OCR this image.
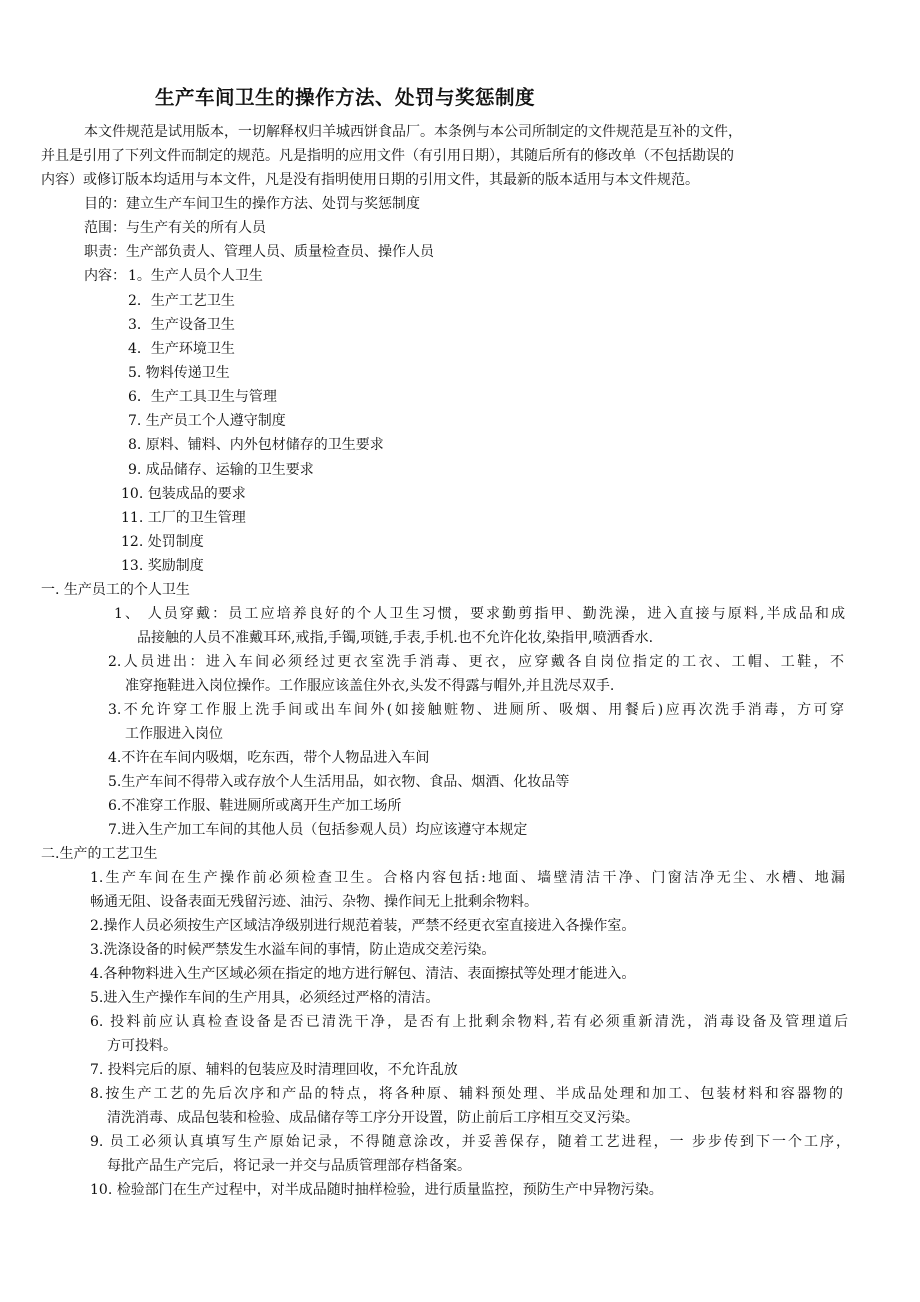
生产车间卫生的操作方法、处罚与奖惩制度
本文件规范是试用版本，一切解释权归羊城西饼食品厂。本条例与本公司所制定的文件规范是互补的文件，
并且是引用了下列文件而制定的规范。凡是指明的应用文件（有引用日期），其随后所有的修改单（不包括勘误的
内容）或修订版本均适用与本文件，凡是没有指明使用日期的引用文件，其最新的版本适用与本文件规范。
目的：建立生产车间卫生的操作方法、处罚与奖惩制度
范围：与生产有关的所有人员
职责：生产部负责人、管理人员、质量检查员、操作人员
内容： 1。生产人员个人卫生
2．生产工艺卫生
3．生产设备卫生
4．生产环境卫生
5. 物料传递卫生
6．生产工具卫生与管理
7. 生产员工个人遵守制度
8. 原料、铺料、内外包材储存的卫生要求
9. 成品储存、运输的卫生要求
10. 包装成品的要求
11. 工厂的卫生管理
12. 处罚制度
13. 奖励制度
一. 生产员工的个人卫生
1、 人员穿戴：员工应培养良好的个人卫生习惯，要求勤剪指甲、勤洗澡，进入直接与原料,半成品和成
品接触的人员不准戴耳环,戒指,手镯,项链,手表,手机.也不允许化妆,染指甲,喷洒香水.
2.人员进出：进入车间必须经过更衣室洗手消毒、更衣，应穿戴各自岗位指定的工衣、工帽、工鞋，不
准穿拖鞋进入岗位操作。工作服应该盖住外衣,头发不得露与帽外,并且洗尽双手.
3.不允许穿工作服上洗手间或出车间外(如接触赃物、进厕所、吸烟、用餐后)应再次洗手消毒，方可穿
工作服进入岗位
4.不许在车间内吸烟，吃东西，带个人物品进入车间
5.生产车间不得带入或存放个人生活用品，如衣物、食品、烟酒、化妆品等
6.不准穿工作服、鞋进厕所或离开生产加工场所
7.进入生产加工车间的其他人员（包括参观人员）均应该遵守本规定
二.生产的工艺卫生
1.生产车间在生产操作前必须检查卫生。合格内容包括:地面、墙壁清洁干净、门窗洁净无尘、水槽、地漏
畅通无阻、设备表面无残留污迹、油污、杂物、操作间无上批剩余物料。
2.操作人员必须按生产区域洁净级别进行规范着装，严禁不经更衣室直接进入各操作室。
3.洗涤设备的时候严禁发生水溢车间的事情，防止造成交差污染。
4.各种物料进入生产区域必须在指定的地方进行解包、清洁、表面擦拭等处理才能进入。
5.进入生产操作车间的生产用具，必须经过严格的清洁。
6. 投料前应认真检查设备是否已清洗干净，是否有上批剩余物料,若有必须重新清洗，消毒设备及管理道后
方可投料。
7. 投料完后的原、辅料的包装应及时清理回收，不允许乱放
8.按生产工艺的先后次序和产品的特点，将各种原、辅料预处理、半成品处理和加工、包装材料和容器物的
清洗消毒、成品包装和检验、成品储存等工序分开设置，防止前后工序相互交叉污染。
9. 员工必须认真填写生产原始记录，不得随意涂改，并妥善保存，随着工艺进程，一 步步传到下一个工序，
每批产品生产完后，将记录一并交与品质管理部存档备案。
10. 检验部门在生产过程中，对半成品随时抽样检验，进行质量监控，预防生产中异物污染。
